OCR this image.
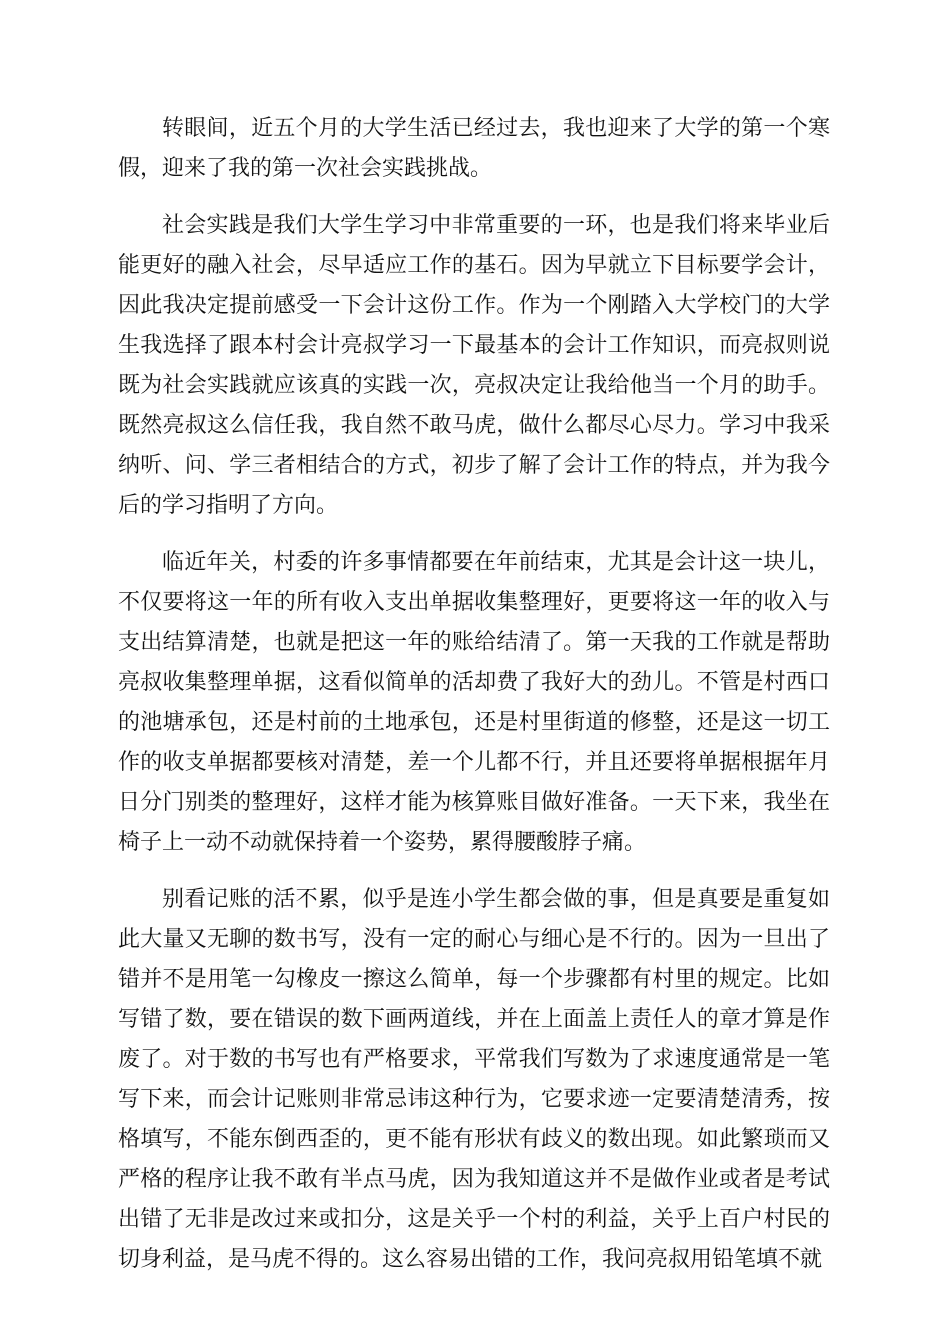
转眼间，近五个月的大学生活已经过去，我也迎来了大学的第一个寒假，迎来了我的第一次社会实践挑战。

社会实践是我们大学生学习中非常重要的一环，也是我们将来毕业后能更好的融入社会，尽早适应工作的基石。因为早就立下目标要学会计，因此我决定提前感受一下会计这份工作。作为一个刚踏入大学校门的大学生我选择了跟本村会计亮叔学习一下最基本的会计工作知识，而亮叔则说既为社会实践就应该真的实践一次，亮叔决定让我给他当一个月的助手。既然亮叔这么信任我，我自然不敢马虎，做什么都尽心尽力。学习中我采纳听、问、学三者相结合的方式，初步了解了会计工作的特点，并为我今后的学习指明了方向。

临近年关，村委的许多事情都要在年前结束，尤其是会计这一块儿，不仅要将这一年的所有收入支出单据收集整理好，更要将这一年的收入与支出结算清楚，也就是把这一年的账给结清了。第一天我的工作就是帮助亮叔收集整理单据，这看似简单的活却费了我好大的劲儿。不管是村西口的池塘承包，还是村前的土地承包，还是村里街道的修整，还是这一切工作的收支单据都要核对清楚，差一个儿都不行，并且还要将单据根据年月日分门别类的整理好，这样才能为核算账目做好准备。一天下来，我坐在椅子上一动不动就保持着一个姿势，累得腰酸脖子痛。

别看记账的活不累，似乎是连小学生都会做的事，但是真要是重复如此大量又无聊的数书写，没有一定的耐心与细心是不行的。因为一旦出了错并不是用笔一勾橡皮一擦这么简单，每一个步骤都有村里的规定。比如写错了数，要在错误的数下画两道线，并在上面盖上责任人的章才算是作废了。对于数的书写也有严格要求，平常我们写数为了求速度通常是一笔写下来，而会计记账则非常忌讳这种行为，它要求迹一定要清楚清秀，按格填写，不能东倒西歪的，更不能有形状有歧义的数出现。如此繁琐而又严格的程序让我不敢有半点马虎，因为我知道这并不是做作业或者是考试出错了无非是改过来或扣分，这是关乎一个村的利益，关乎上百户村民的切身利益，是马虎不得的。这么容易出错的工作，我问亮叔用铅笔填不就
